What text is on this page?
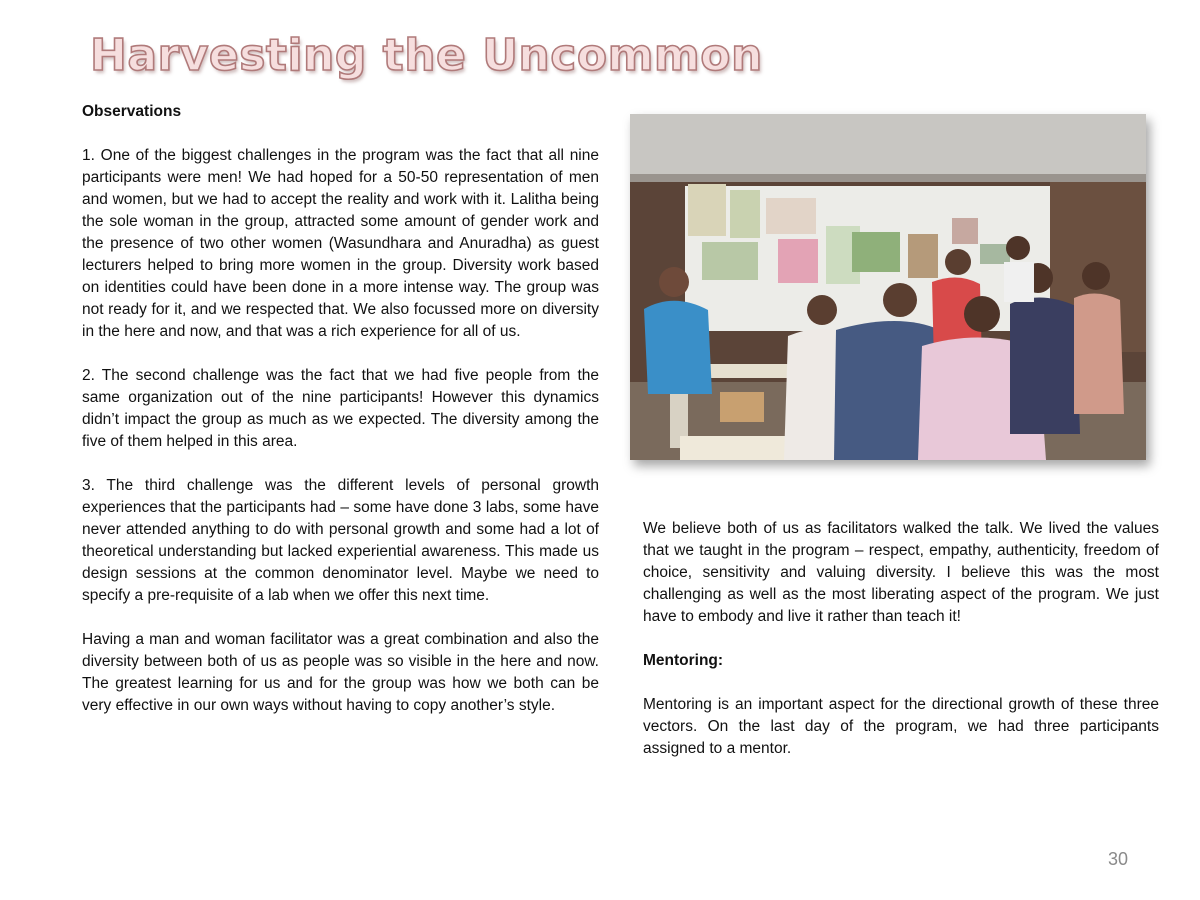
Harvesting the Uncommon

Observations

1. One of the biggest challenges in the program was the fact that all nine participants were men! We had hoped for a 50-50 representation of men and women, but we had to accept the reality and work with it. Lalitha being the sole woman in the group, attracted some amount of gender work and the presence of two other women (Wasundhara and Anuradha) as guest lecturers helped to bring more women in the group. Diversity work based on identities could have been done in a more intense way. The group was not ready for it, and we respected that. We also focussed more on diversity in the here and now, and that was a rich experience for all of us.

2. The second challenge was the fact that we had five people from the same organization out of the nine participants! However this dynamics didn’t impact the group as much as we expected. The diversity among the five of them helped in this area.

3. The third challenge was the different levels of personal growth experiences that the participants had – some have done 3 labs, some have never attended anything to do with personal growth and some had a lot of theoretical understanding but lacked experiential awareness. This made us design sessions at the common denominator level. Maybe we need to specify a pre-requisite of a lab when we offer this next time.

Having a man and woman facilitator was a great combination and also the diversity between both of us as people was so visible in the here and now. The greatest learning for us and for the group was how we both can be very effective in our own ways without having to copy another’s style.

We believe both of us as facilitators walked the talk. We lived the values that we taught in the program – respect, empathy, authenticity, freedom of choice, sensitivity and valuing diversity. I believe this was the most challenging as well as the most liberating aspect of the program. We just have to embody and live it rather than teach it!

Mentoring:

Mentoring is an important aspect for the directional growth of these three vectors. On the last day of the program, we had three participants assigned to a mentor.

30
